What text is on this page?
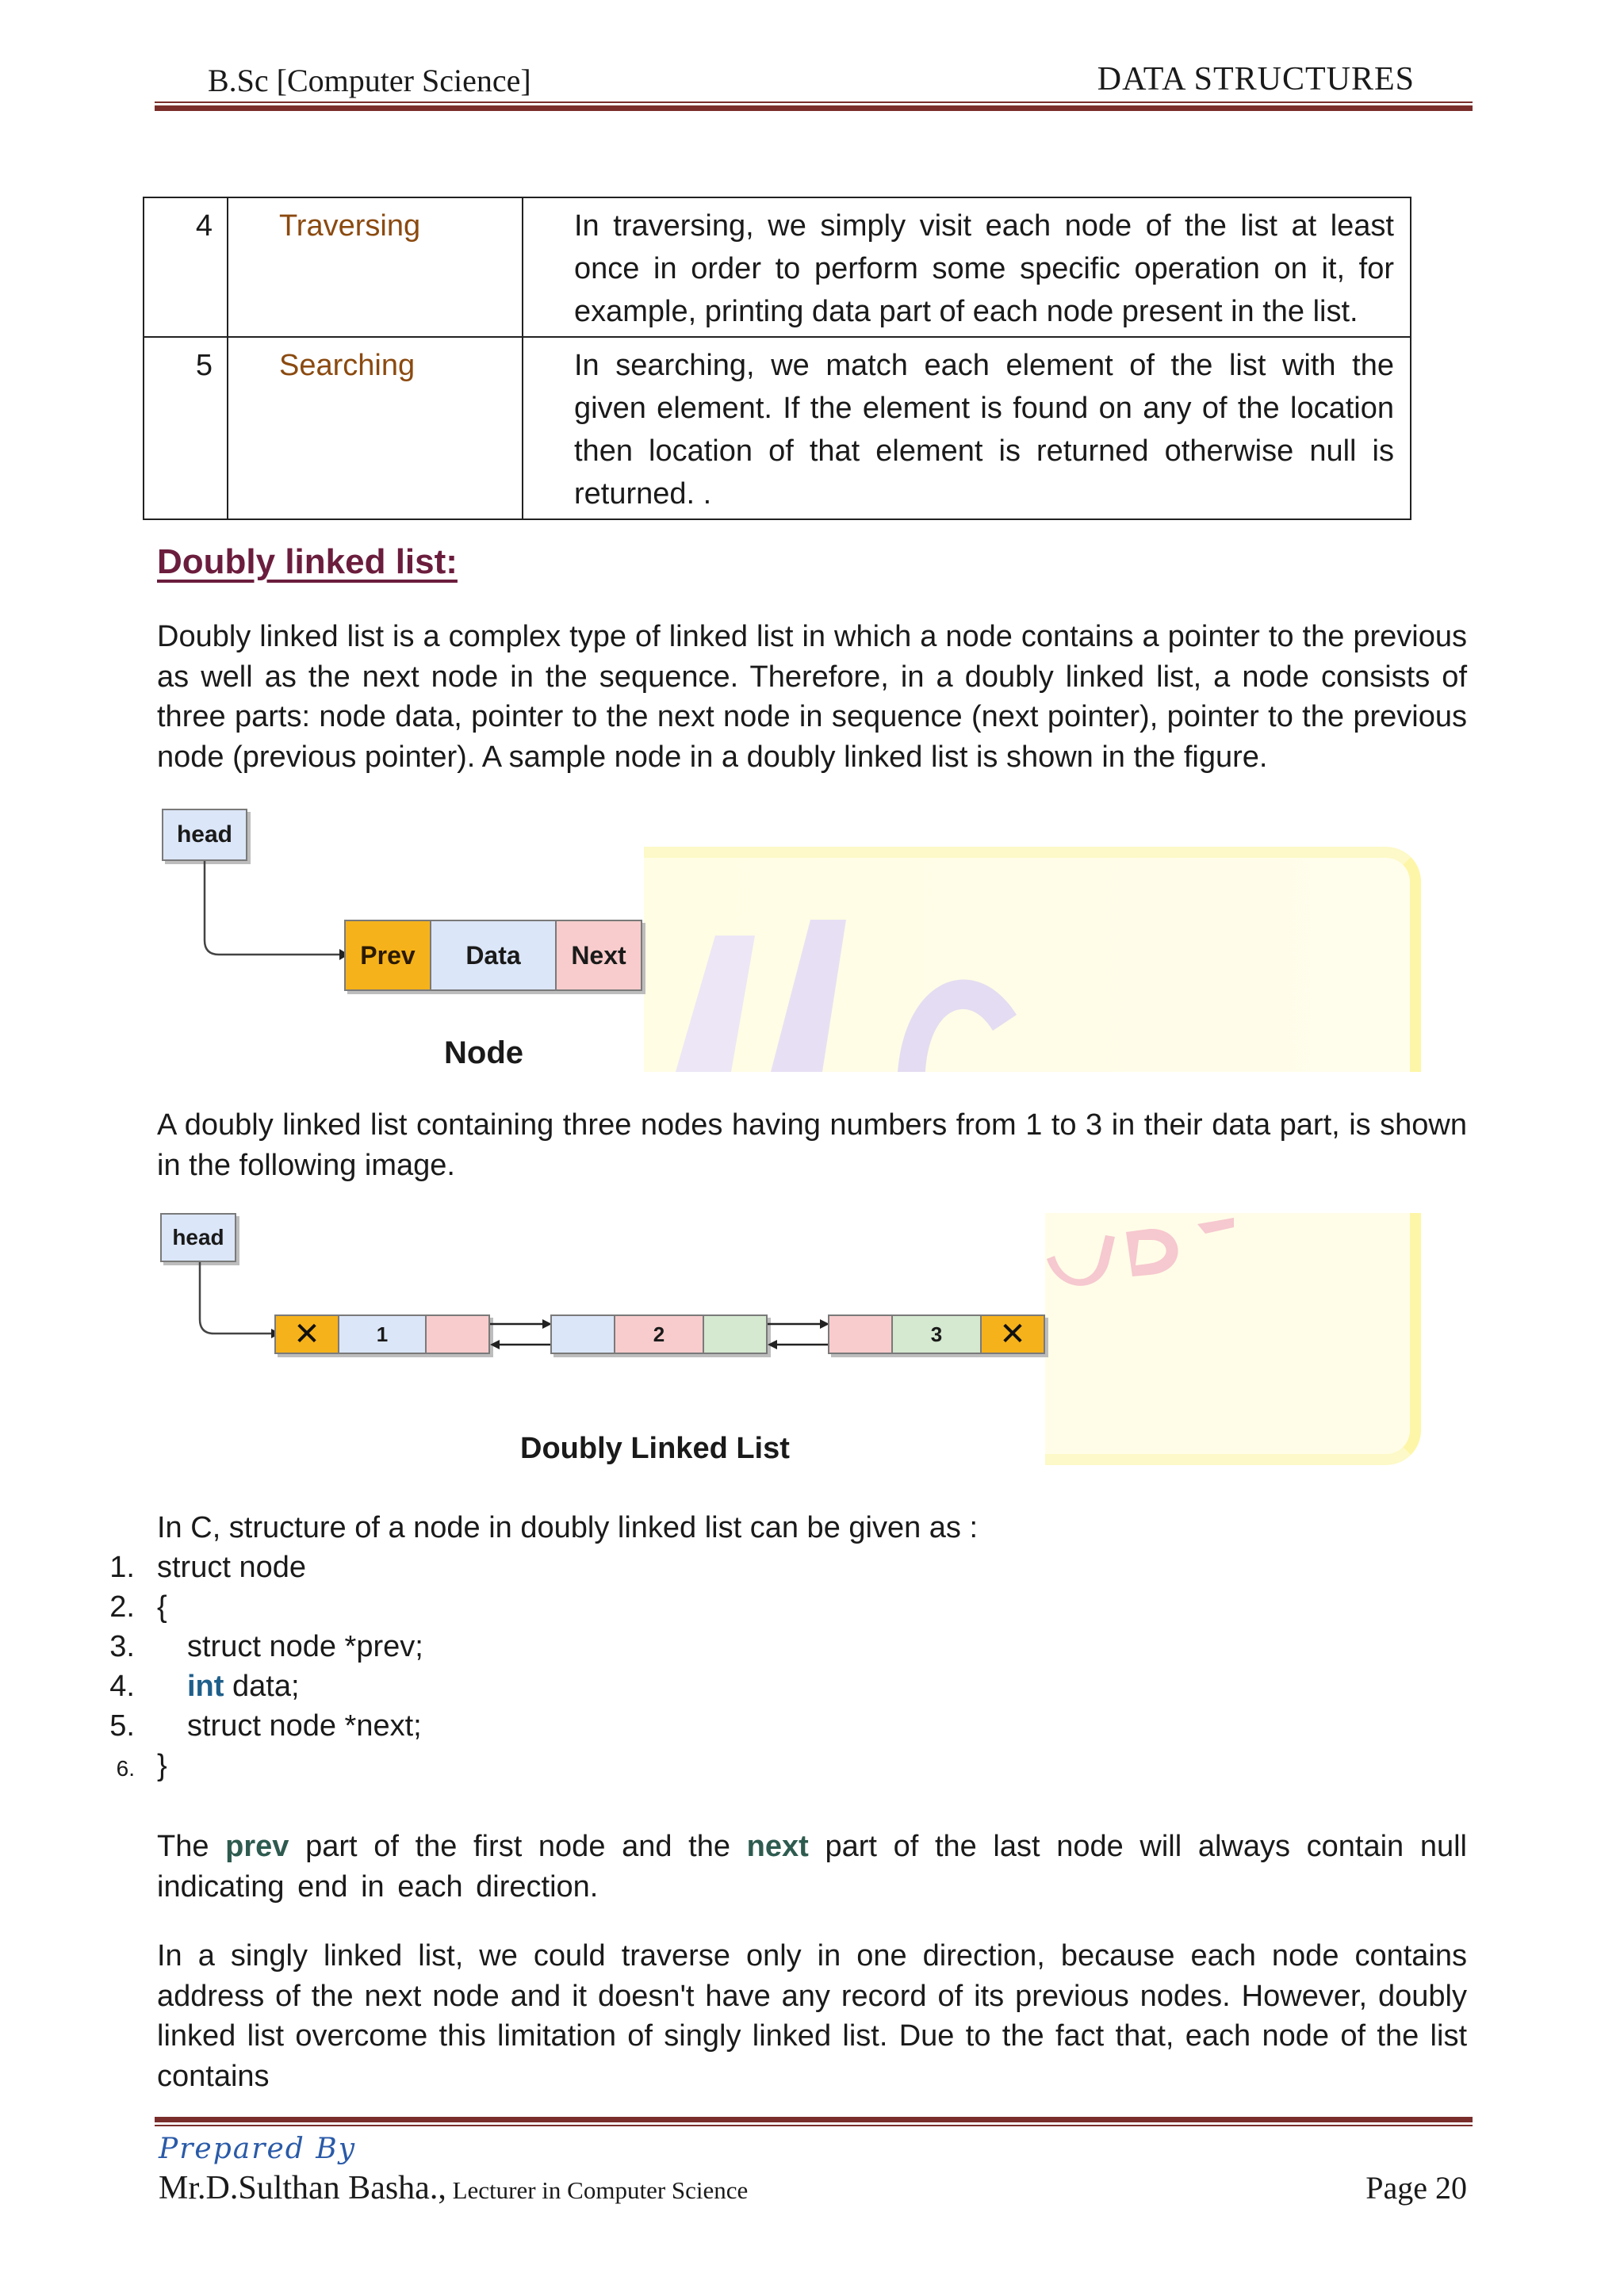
B.Sc [Computer Science]	DATA STRUCTURES
4	Traversing	In traversing, we simply visit each node of the list at least once in order to perform some specific operation on it, for example, printing data part of each node present in the list.
5	Searching	In searching, we match each element of the list with the given element. If the element is found on any of the location then location of that element is returned otherwise null is returned. .
Doubly linked list:
Doubly linked list is a complex type of linked list in which a node contains a pointer to the previous as well as the next node in the sequence. Therefore, in a doubly linked list, a node consists of three parts: node data, pointer to the next node in sequence (next pointer), pointer to the previous node (previous pointer). A sample node in a doubly linked list is shown in the figure.
head
Prev	Data	Next
Node
A doubly linked list containing three nodes having numbers from 1 to 3 in their data part, is shown in the following image.
head
✕	1	2	3	✕
Doubly Linked List
In C, structure of a node in doubly linked list can be given as :
1. struct node
2. {
3. struct node *prev;
4. int data;
5. struct node *next;
6. }
The prev part of the first node and the next part of the last node will always contain null indicating end in each direction.
In a singly linked list, we could traverse only in one direction, because each node contains address of the next node and it doesn't have any record of its previous nodes. However, doubly linked list overcome this limitation of singly linked list. Due to the fact that, each node of the list contains
Prepared By
Mr.D.Sulthan Basha., Lecturer in Computer Science	Page 20
